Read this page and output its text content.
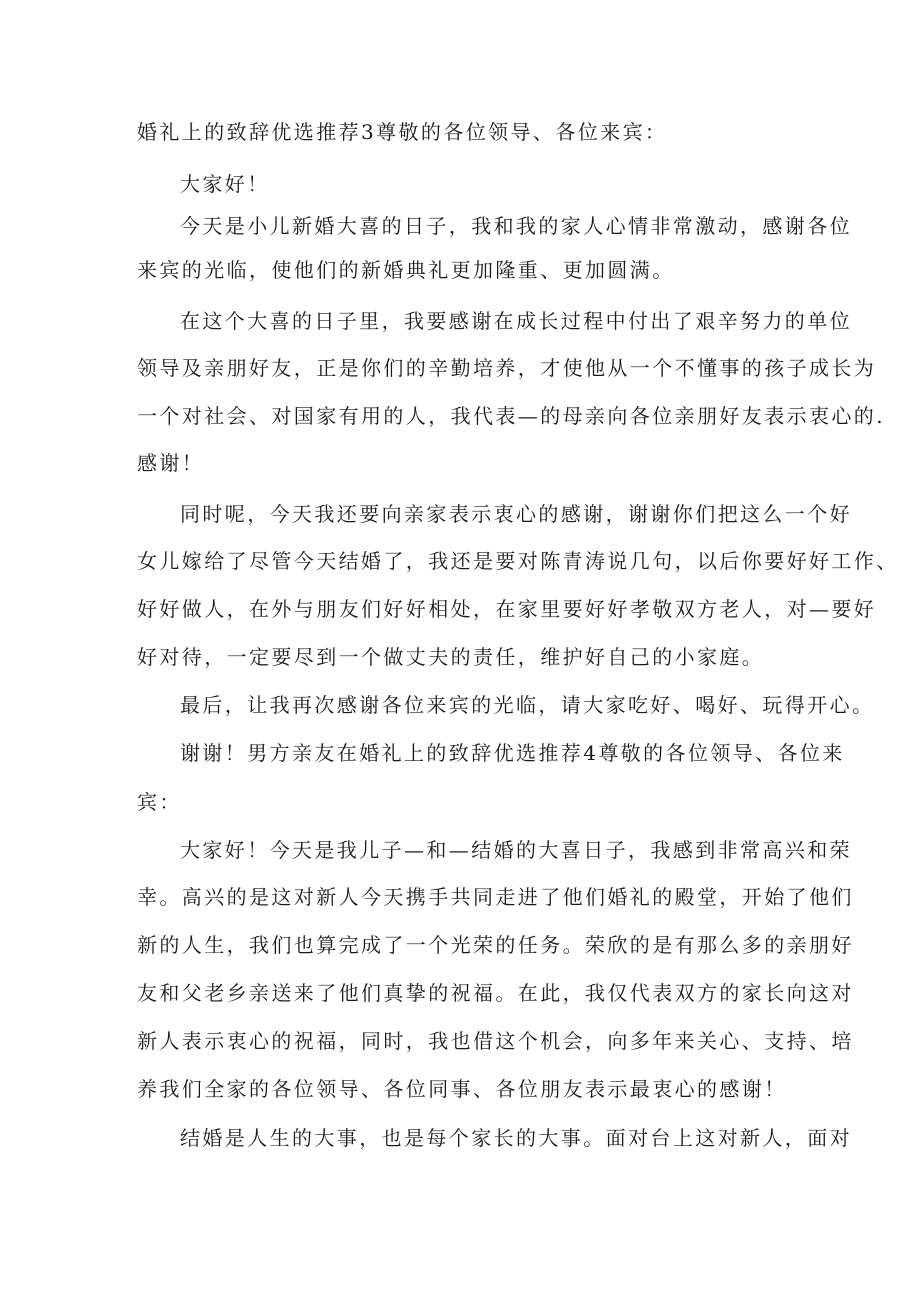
婚礼上的致辞优选推荐3尊敬的各位领导、各位来宾：
大家好！
今天是小儿新婚大喜的日子，我和我的家人心情非常激动，感谢各位
来宾的光临，使他们的新婚典礼更加隆重、更加圆满。
在这个大喜的日子里，我要感谢在成长过程中付出了艰辛努力的单位
领导及亲朋好友，正是你们的辛勤培养，才使他从一个不懂事的孩子成长为
一个对社会、对国家有用的人，我代表—的母亲向各位亲朋好友表示衷心的.
感谢！
同时呢，今天我还要向亲家表示衷心的感谢，谢谢你们把这么一个好
女儿嫁给了尽管今天结婚了，我还是要对陈青涛说几句，以后你要好好工作、
好好做人，在外与朋友们好好相处，在家里要好好孝敬双方老人，对—要好
好对待，一定要尽到一个做丈夫的责任，维护好自己的小家庭。
最后，让我再次感谢各位来宾的光临，请大家吃好、喝好、玩得开心。
谢谢！男方亲友在婚礼上的致辞优选推荐4尊敬的各位领导、各位来
宾：
大家好！今天是我儿子—和—结婚的大喜日子，我感到非常高兴和荣
幸。高兴的是这对新人今天携手共同走进了他们婚礼的殿堂，开始了他们
新的人生，我们也算完成了一个光荣的任务。荣欣的是有那么多的亲朋好
友和父老乡亲送来了他们真挚的祝福。在此，我仅代表双方的家长向这对
新人表示衷心的祝福，同时，我也借这个机会，向多年来关心、支持、培
养我们全家的各位领导、各位同事、各位朋友表示最衷心的感谢！
结婚是人生的大事，也是每个家长的大事。面对台上这对新人，面对
